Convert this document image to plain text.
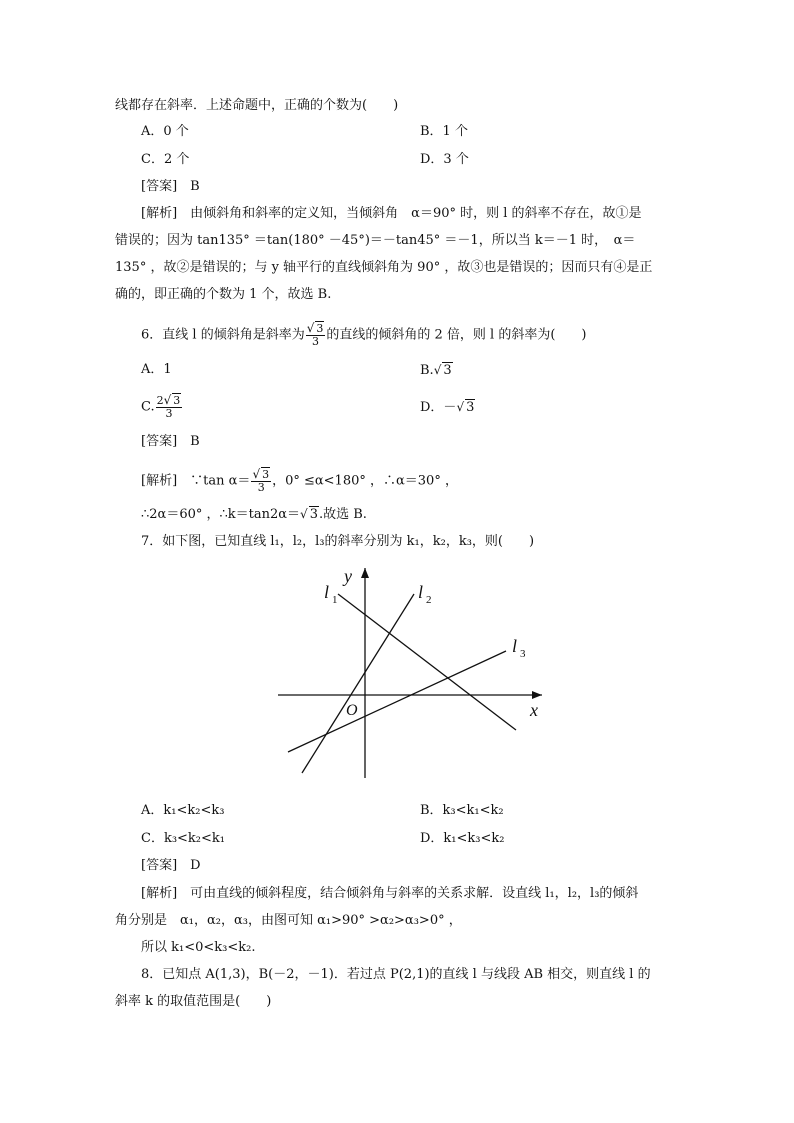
线都存在斜率．上述命题中，正确的个数为(　　)
A．0 个	B．1 个
C．2 个	D．3 个
[答案]　 B
[解析]　 由倾斜角和斜率的定义知，当倾斜角　α＝90° 时，则 l 的斜率不存在，故①是
错误的；因为 tan135° ＝tan(180° －45°)＝－tan45° ＝－1，所以当 k＝－1 时，　α＝
135° ，故②是错误的；与 y 轴平行的直线倾斜角为 90° ，故③也是错误的；因而只有④是正
确的，即正确的个数为 1 个，故选 B.
6．直线 l 的倾斜角是斜率为 $\frac{√ 3}{3}$ 的直线的倾斜角的 2 倍，则 l 的斜率为(　　)
A．1	B.√ 3
C. $\frac{2√ 3}{3}$	D．－√ 3
[答案]　 B
[解析]　 ∵tan $\alpha= \frac{√ 3}{3}$ ，0° ≤α<180° ，∴α＝30° ，
∴2α＝60° ，∴k＝tan2α＝√ 3.故选 B.
7．如下图，已知直线 l₁，l₂，l₃的斜率分别为 k₁，k₂，k₃，则(　　)
y
x
O
l 1	l 2
l 3
A．k₁<k₂<k₃	B．k₃<k₁<k₂
C．k₃<k₂<k₁	D．k₁<k₃<k₂
[答案]　 D
[解析]　 可由直线的倾斜程度，结合倾斜角与斜率的关系求解．设直线 l₁，l₂，l₃的倾斜
角分别是　α₁，α₂，α₃，由图可知 α₁>90° >α₂>α₃>0° ，
所以 k₁<0<k₃<k₂.
8．已知点 A(1,3)，B(－2，－1)．若过点 P(2,1)的直线 l 与线段 AB 相交，则直线 l 的
斜率 k 的取值范围是(　　)
